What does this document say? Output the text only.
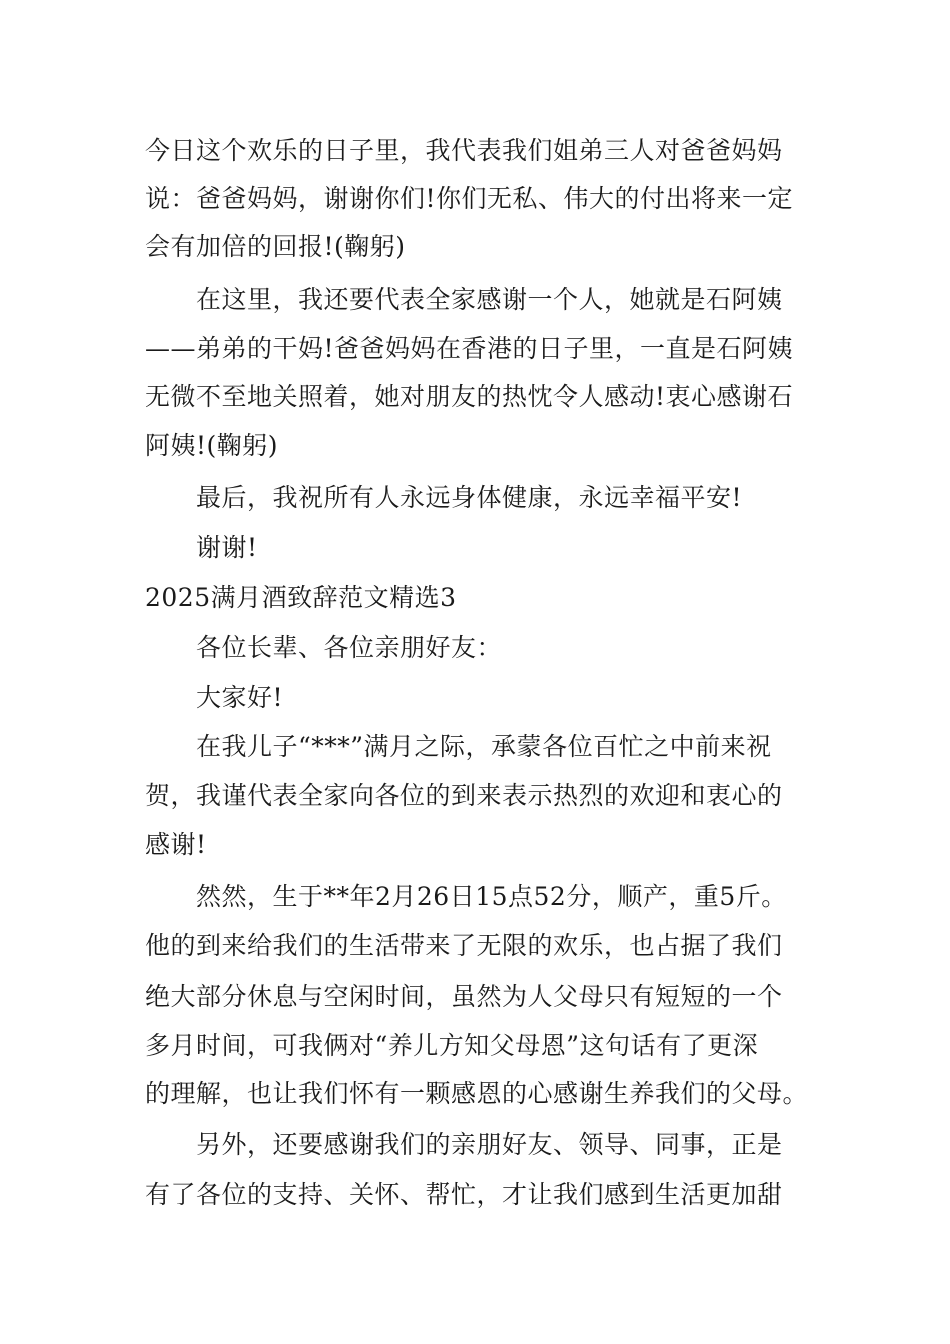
今日这个欢乐的日子里，我代表我们姐弟三人对爸爸妈妈
说：爸爸妈妈，谢谢你们!你们无私、伟大的付出将来一定
会有加倍的回报!(鞠躬)
在这里，我还要代表全家感谢一个人，她就是石阿姨
——弟弟的干妈!爸爸妈妈在香港的日子里，一直是石阿姨
无微不至地关照着，她对朋友的热忱令人感动!衷心感谢石
阿姨!(鞠躬)
最后，我祝所有人永远身体健康，永远幸福平安!
谢谢!
2025满月酒致辞范文精选3
各位长辈、各位亲朋好友：
大家好!
在我儿子“***”满月之际，承蒙各位百忙之中前来祝
贺，我谨代表全家向各位的到来表示热烈的欢迎和衷心的
感谢!
然然，生于**年2月26日15点52分，顺产，重5斤。
他的到来给我们的生活带来了无限的欢乐，也占据了我们
绝大部分休息与空闲时间，虽然为人父母只有短短的一个
多月时间，可我俩对“养儿方知父母恩”这句话有了更深
的理解，也让我们怀有一颗感恩的心感谢生养我们的父母。
另外，还要感谢我们的亲朋好友、领导、同事，正是
有了各位的支持、关怀、帮忙，才让我们感到生活更加甜
